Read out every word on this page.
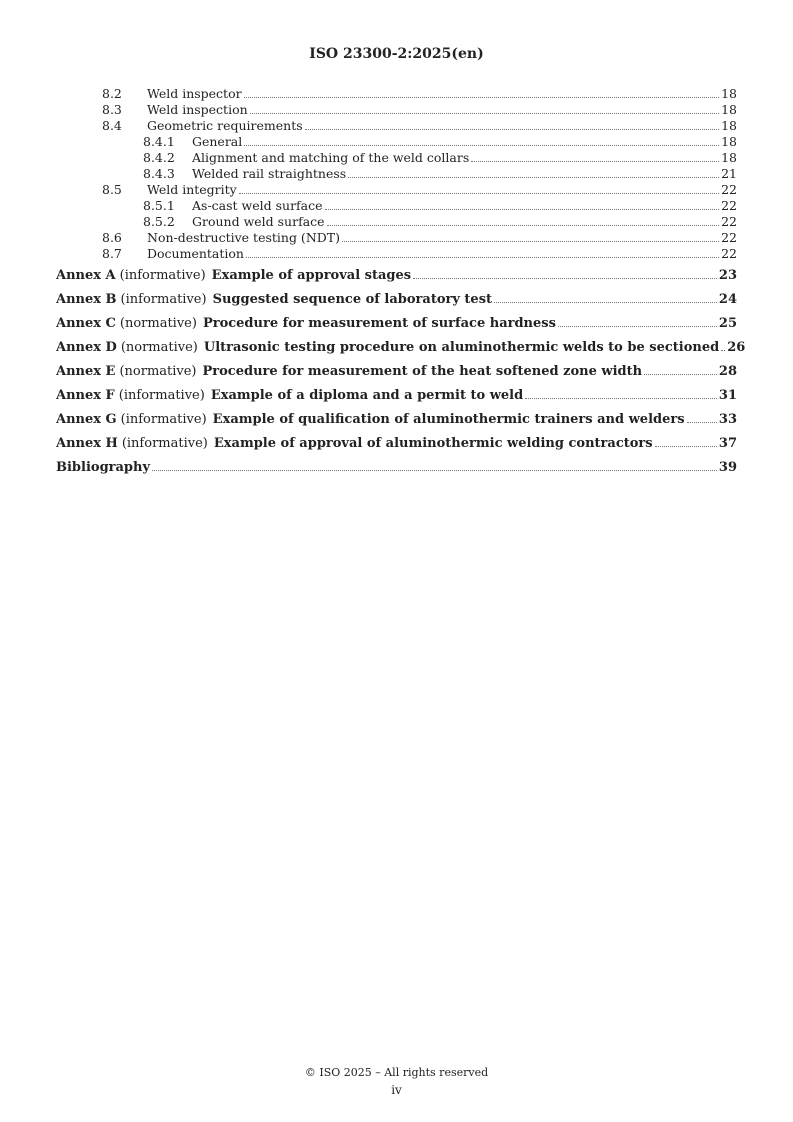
ISO 23300-2:2025(en)
8.2	Weld inspector	18
8.3	Weld inspection	18
8.4	Geometric requirements	18
8.4.1	General	18
8.4.2	Alignment and matching of the weld collars	18
8.4.3	Welded rail straightness	21
8.5	Weld integrity	22
8.5.1	As-cast weld surface	22
8.5.2	Ground weld surface	22
8.6	Non-destructive testing (NDT)	22
8.7	Documentation	22
Annex A (informative) Example of approval stages	23
Annex B (informative) Suggested sequence of laboratory test	24
Annex C (normative) Procedure for measurement of surface hardness	25
Annex D (normative) Ultrasonic testing procedure on aluminothermic welds to be sectioned 26
Annex E (normative) Procedure for measurement of the heat softened zone width	28
Annex F (informative) Example of a diploma and a permit to weld	31
Annex G (informative) Example of qualification of aluminothermic trainers and welders	33
Annex H (informative) Example of approval of aluminothermic welding contractors	37
Bibliography	39
© ISO 2025 – All rights reserved
iv
